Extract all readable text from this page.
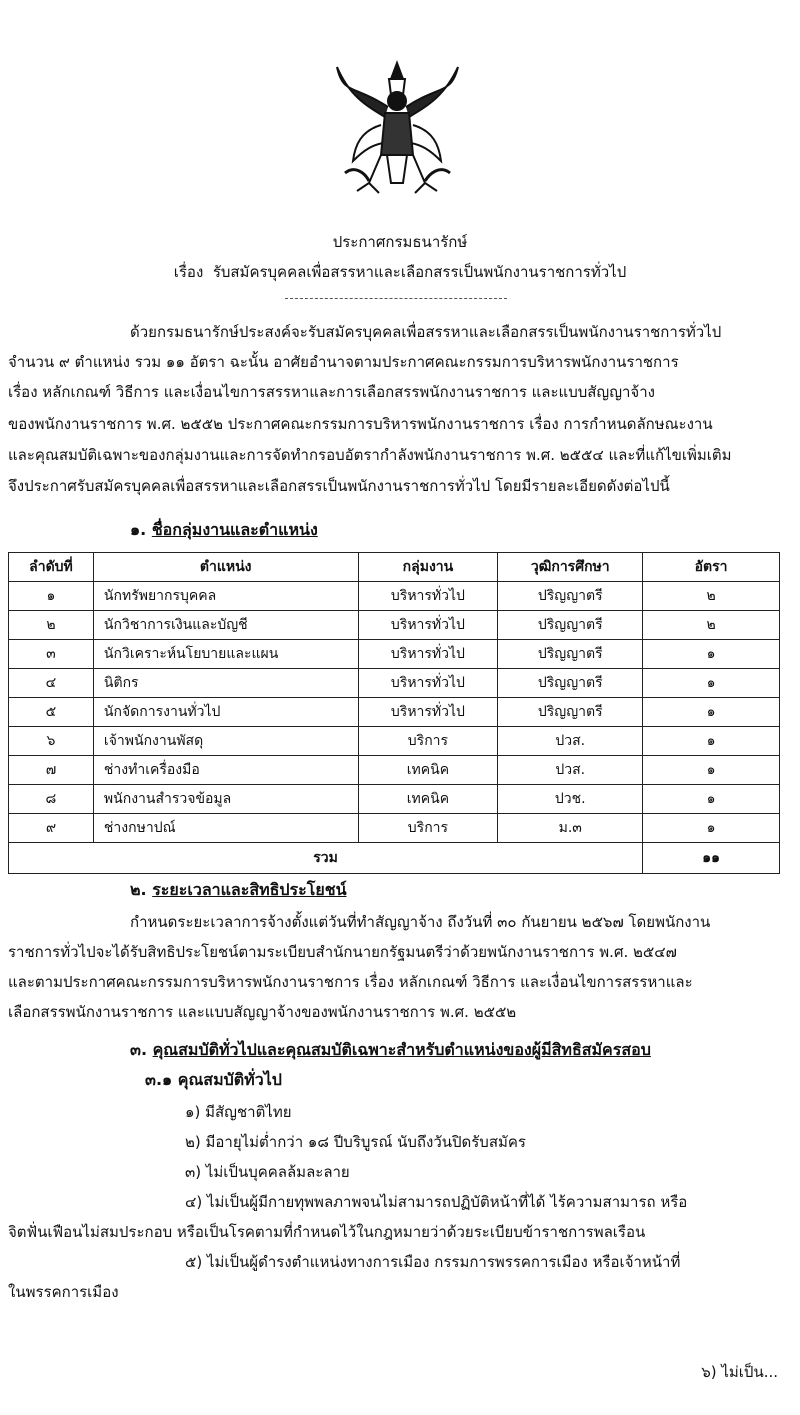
ประกาศกรมธนารักษ์
เรื่อง รับสมัครบุคคลเพื่อสรรหาและเลือกสรรเป็นพนักงานราชการทั่วไป
ด้วยกรมธนารักษ์ประสงค์จะรับสมัครบุคคลเพื่อสรรหาและเลือกสรรเป็นพนักงานราชการทั่วไป
จำนวน ๙ ตำแหน่ง รวม ๑๑ อัตรา ฉะนั้น อาศัยอำนาจตามประกาศคณะกรรมการบริหารพนักงานราชการ
เรื่อง หลักเกณฑ์ วิธีการ และเงื่อนไขการสรรหาและการเลือกสรรพนักงานราชการ และแบบสัญญาจ้าง
ของพนักงานราชการ พ.ศ. ๒๕๕๒ ประกาศคณะกรรมการบริหารพนักงานราชการ เรื่อง การกำหนดลักษณะงาน
และคุณสมบัติเฉพาะของกลุ่มงานและการจัดทำกรอบอัตรากำลังพนักงานราชการ พ.ศ. ๒๕๕๔ และที่แก้ไขเพิ่มเติม
จึงประกาศรับสมัครบุคคลเพื่อสรรหาและเลือกสรรเป็นพนักงานราชการทั่วไป โดยมีรายละเอียดดังต่อไปนี้
๑. ชื่อกลุ่มงานและตำแหน่ง
ลำดับที่	ตำแหน่ง	กลุ่มงาน	วุฒิการศึกษา	อัตรา
๑	นักทรัพยากรบุคคล	บริหารทั่วไป	ปริญญาตรี	๒
๒	นักวิชาการเงินและบัญชี	บริหารทั่วไป	ปริญญาตรี	๒
๓	นักวิเคราะห์นโยบายและแผน	บริหารทั่วไป	ปริญญาตรี	๑
๔	นิติกร	บริหารทั่วไป	ปริญญาตรี	๑
๕	นักจัดการงานทั่วไป	บริหารทั่วไป	ปริญญาตรี	๑
๖	เจ้าพนักงานพัสดุ	บริการ	ปวส.	๑
๗	ช่างทำเครื่องมือ	เทคนิค	ปวส.	๑
๘	พนักงานสำรวจข้อมูล	เทคนิค	ปวช.	๑
๙	ช่างกษาปณ์	บริการ	ม.๓	๑
รวม				๑๑
๒. ระยะเวลาและสิทธิประโยชน์
กำหนดระยะเวลาการจ้างตั้งแต่วันที่ทำสัญญาจ้าง ถึงวันที่ ๓๐ กันยายน ๒๕๖๗ โดยพนักงาน
ราชการทั่วไปจะได้รับสิทธิประโยชน์ตามระเบียบสำนักนายกรัฐมนตรีว่าด้วยพนักงานราชการ พ.ศ. ๒๕๔๗
และตามประกาศคณะกรรมการบริหารพนักงานราชการ เรื่อง หลักเกณฑ์ วิธีการ และเงื่อนไขการสรรหาและ
เลือกสรรพนักงานราชการ และแบบสัญญาจ้างของพนักงานราชการ พ.ศ. ๒๕๕๒
๓. คุณสมบัติทั่วไปและคุณสมบัติเฉพาะสำหรับตำแหน่งของผู้มีสิทธิสมัครสอบ
๓.๑ คุณสมบัติทั่วไป
๑) มีสัญชาติไทย
๒) มีอายุไม่ต่ำกว่า ๑๘ ปีบริบูรณ์ นับถึงวันปิดรับสมัคร
๓) ไม่เป็นบุคคลล้มละลาย
๔) ไม่เป็นผู้มีกายทุพพลภาพจนไม่สามารถปฏิบัติหน้าที่ได้ ไร้ความสามารถ หรือ
จิตฟั่นเฟือนไม่สมประกอบ หรือเป็นโรคตามที่กำหนดไว้ในกฎหมายว่าด้วยระเบียบข้าราชการพลเรือน
๕) ไม่เป็นผู้ดำรงตำแหน่งทางการเมือง กรรมการพรรคการเมือง หรือเจ้าหน้าที่
ในพรรคการเมือง
๖) ไม่เป็น...
